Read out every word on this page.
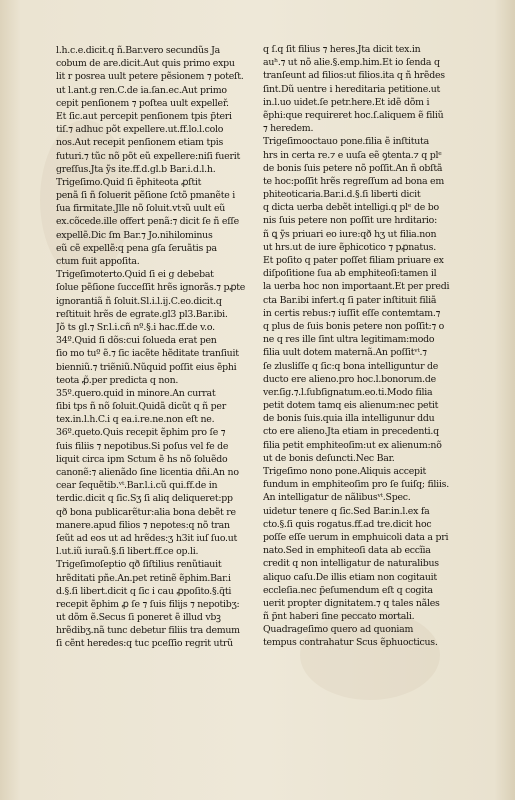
l.h.c.e.dicit.q ñ.Bar.vero secundũs Ja
cobum de are.dicit.Aut quis primo expu
lit r posrea uult petere pẽsionem ⁊ poteſt.
ut l.ant.g ren.C.de ia.ſan.ec.Aut primo
cepit penſionem ⁊ poſtea uult expelleř.
Et ſic.aut percepit penſionem tpis p̃teri
tiſ.⁊ adhuc põt expellere.ut.ff.lo.l.colo
nos.Aut recepit penſionem etiam tpis
futuri.⁊ tũc nõ põt eũ expellere:niſi fuerit
greſſus.Jta ỹs ite.ff.d.gl.b Bar.i.d.l.h.
Trigeſimo.Quid ſi ẽphiteota ꝓſtit
penã ſi ñ ſoluerit pẽſione ſctõ pmanẽte i
ſua firmitate.Jlle nõ ſoluit.vtꝛũ uult eũ
ex.cõcede.ille offert penã:⁊ dicit ſe ñ eſſe
expellẽ.Dic ſm Bar.⁊ Jo.nihilominus
eũ cẽ expellẽ:q pena gſa ſeruãtis pa
ctum fuit appoſita.
Trigeſimoterto.Quid ſi ei g debebat
ſolue pẽſione ſucceſſit hrẽs ignorãs.⁊ pꝓte
ignorantiã ñ ſoluit.Sl.i.l.ij.C.eo.dicit.q
reſtituit hrẽs de egrate.gl3 pl3.Bar.ibi.
Jõ ts gl.⁊ Sr.l.i.cñ nº.§.i hac.ff.de v.o.
34º.Quid ſi dõs:cui ſolueda erat pen
ſio mo tuº ẽ.⁊ ſic iacẽte hẽditate tranſiuit
bienniũ.⁊ triẽniũ.Nũquid poſſit eius ẽphi
teota ꝓ̃.per predicta q non.
35º.quero.quid in minore.An currat
ſibi tps ñ nõ ſoluit.Quidã dicũt q ñ per
tex.in.l.h.C.i q ea.i.re.ne.non eſt ne.
36º.queto.Quis recepit ẽphim pro ſe ⁊
ſuis filiis ⁊ nepotibus.Si poſus vel fe de
liquit circa ipm Sctum ẽ hs nõ ſoluẽdo
canonẽ:⁊ alienãdo ſine licentia dñi.An no
cear ſequẽtib.ᵛᵗ.Bar.l.i.cũ qui.ff.de in
terdic.dicit q ſic.Sʒ ſi aliq deliqueret:pp
qð bona publicarẽtur:alia bona debẽt re
manere.apud filios ⁊ nepotes:q nõ tran
ſeũt ad eos ut ad hrẽdes:ʒ h3it iuſ ſuo.ut
l.ut.iũ iuraũ.§.ſi libert.ff.ce op.li.
Trigeſimoſeptio qð ſiſtilius renũtiauit
hrẽditati pñe.An.pet retinẽ ẽphim.Bar.i
d.§.ſi libert.dicit q ſic i cau ꝓpoſito.§.q̃ti
recepit ẽphim ꝓ ſe ⁊ ſuis filijs ⁊ nepotibʒ:
ut dõm ẽ.Secus ſi poneret ẽ illud vbꝫ
hrẽdibʒ.nã tunc debetur filiis tra demum
ſi cẽnt heredes:q tuc pceſſio regrit utrũ
q ſ.q ſit filius ⁊ heres.Jta dicit tex.in
auʰ.⁊ ut nõ alie.§.emp.him.Et io ſenda q
tranſeunt ad filios:ut filios.ita q ñ hrẽdes
ſint.Dũ uentre i hereditaria petitione.ut
in.l.uo uidet.ſe petr.here.Et idẽ dõm i
ẽphi:que requireret hoc.ſ.aliquem ẽ filiũ
⁊ heredem.
Trigeſimooctauo pone.filia ẽ inſtituta
hrs in certa re.⁊ e uuſa eẽ ꝯtenta.⁊ q plᵉ
de bonis ſuis petere nõ poſſit.An ñ obſtã
te hoc:poſſit hrẽs regreſſum ad bona em
phiteoticaria.Bar.i.d.§.ſi liberti dicit
q dicta uerba debẽt intelligi.q plᵉ de bo
nis ſuis petere non poſſit ure hrditario:
ñ ꝗ ỹs priuari eo iure:qð hʒ ut filia.non
ut hrs.ut de iure ẽphicotico ⁊ pꝓnatus.
Et poſito q pater poſſet filiam priuare ex
diſpoſitione ſua ab emphiteoſi:tamen il
la uerba hoc non importaant.Et per predi
cta Bar.ibi infert.q ſi pater inſtituit filiã
in certis rebus:⁊ iuſſit eſſe contemtam.⁊
q plus de ſuis bonis petere non poſſit:⁊ o
ne q res ille ſint ultra legitimam:modo
filia uult dotem maternã.An poſſitᵛᵗ.⁊
ſe zlusliſſe q ſic:q bona intelliguntur de
ducto ere alieno.pro hoc.l.bonorum.de
ver.ſig.⁊.l.ſubſignatum.eo.ti.Modo filia
petit dotem tamq eis alienum:nec petit
de bonis ſuis.quia illa intelligunur ddu
cto ere alieno.Jta etiam in precedenti.q
filia petit emphiteoſim:ut ex alienum:nõ
ut de bonis deſuncti.Nec Bar.
Trigeſimo nono pone.Aliquis accepit
fundum in emphiteoſim pro ſe ſuiſq; filiis.
An intelligatur de nãlibusᵛᵗ.Spec.
uidetur tenere q ſic.Sed Bar.in.l.ex fa
cto.§.ſi quis rogatus.ff.ad tre.dicit hoc
poſſe eſſe uerum in emphuicoli data a pri
nato.Sed in emphiteoſi data ab eccĩia
credit q non intelligatur de naturalibus
aliquo caſu.De illis etiam non cogitauit
eccleſia.nec p̃eſumendum eſt q cogita
uerit propter dignitatem.⁊ q tales nãles
ñ p̃nt haberi ſine peccato mortali.
Quadrageſimo quero ad quoniam
tempus contrahatur Scus ẽphuocticus.
